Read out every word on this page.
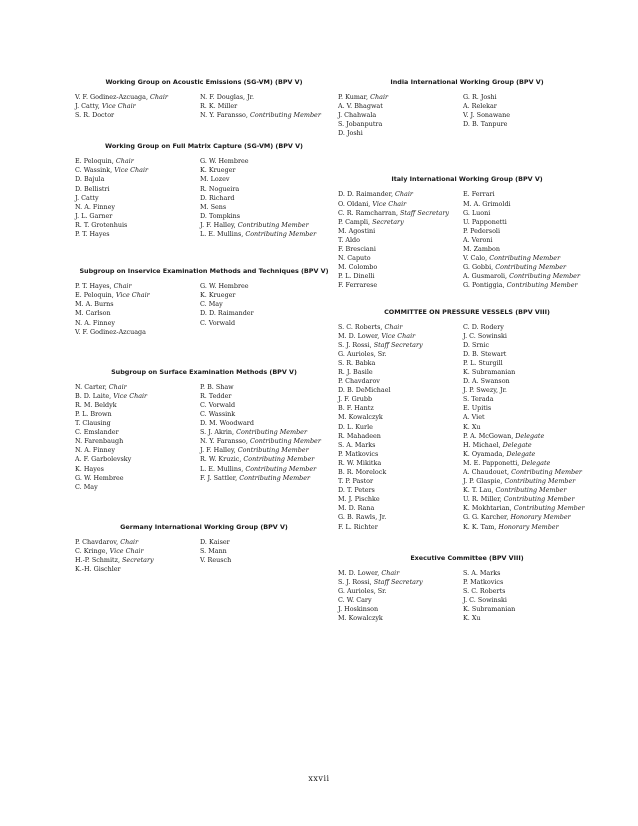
Working Group on Acoustic Emissions (SG-VM) (BPV V)
V. F. Godinez-Azcuaga, Chair
J. Catty, Vice Chair
S. R. Doctor
N. F. Douglas, Jr.
R. K. Miller
N. Y. Faransso, Contributing Member
Working Group on Full Matrix Capture (SG-VM) (BPV V)
E. Peloquin, Chair
C. Wassink, Vice Chair
D. Bajula
D. Bellistri
J. Catty
N. A. Finney
J. L. Garner
R. T. Grotenhuis
P. T. Hayes
G. W. Hembree
K. Krueger
M. Lozev
R. Nogueira
D. Richard
M. Sens
D. Tompkins
J. F. Halley, Contributing Member
L. E. Mullins, Contributing Member
Subgroup on Inservice Examination Methods and Techniques (BPV V)
P. T. Hayes, Chair
E. Peloquin, Vice Chair
M. A. Burns
M. Carlson
N. A. Finney
V. F. Godinez-Azcuaga
G. W. Hembree
K. Krueger
C. May
D. D. Raimander
C. Vorwald
Subgroup on Surface Examination Methods (BPV V)
N. Carter, Chair
B. D. Laite, Vice Chair
R. M. Beldyk
P. L. Brown
T. Clausing
C. Emslander
N. Farenbaugh
N. A. Finney
A. F. Garbolevsky
K. Hayes
G. W. Hembree
C. May
P. B. Shaw
R. Tedder
C. Vorwald
C. Wassink
D. M. Woodward
S. J. Akrin, Contributing Member
N. Y. Faransso, Contributing Member
J. F. Halley, Contributing Member
R. W. Kruzic, Contributing Member
L. E. Mullins, Contributing Member
F. J. Sattler, Contributing Member
Germany International Working Group (BPV V)
P. Chavdarov, Chair
C. Kringe, Vice Chair
H.-P. Schmitz, Secretary
K.-H. Gischler
D. Kaiser
S. Mann
V. Reusch
India International Working Group (BPV V)
P. Kumar, Chair
A. V. Bhagwat
J. Chahwala
S. Jobanputra
D. Joshi
G. R. Joshi
A. Relekar
V. J. Sonawane
D. B. Tanpure
Italy International Working Group (BPV V)
D. D. Raimander, Chair
O. Oldani, Vice Chair
C. R. Ramcharran, Staff Secretary
P. Campli, Secretary
M. Agostini
T. Aldo
F. Bresciani
N. Caputo
M. Colombo
P. L. Dinelli
F. Ferrarese
E. Ferrari
M. A. Grimoldi
G. Luoni
U. Papponetti
P. Pedersoli
A. Veroni
M. Zambon
V. Calo, Contributing Member
G. Gobbi, Contributing Member
A. Gusmaroli, Contributing Member
G. Pontiggia, Contributing Member
COMMITTEE ON PRESSURE VESSELS (BPV VIII)
S. C. Roberts, Chair
M. D. Lower, Vice Chair
S. J. Rossi, Staff Secretary
G. Aurioles, Sr.
S. R. Babka
R. J. Basile
P. Chavdarov
D. B. DeMichael
J. F. Grubb
B. F. Hantz
M. Kowalczyk
D. L. Kurle
R. Mahadeen
S. A. Marks
P. Matkovics
R. W. Mikitka
B. R. Morelock
T. P. Pastor
D. T. Peters
M. J. Pischke
M. D. Rana
G. B. Rawls, Jr.
F. L. Richter
C. D. Rodery
J. C. Sowinski
D. Srnic
D. B. Stewart
P. L. Sturgill
K. Subramanian
D. A. Swanson
J. P. Swezy, Jr.
S. Terada
E. Upitis
A. Viet
K. Xu
P. A. McGowan, Delegate
H. Michael, Delegate
K. Oyamada, Delegate
M. E. Papponetti, Delegate
A. Chaudouet, Contributing Member
J. P. Glaspie, Contributing Member
K. T. Lau, Contributing Member
U. R. Miller, Contributing Member
K. Mokhtarian, Contributing Member
G. G. Karcher, Honorary Member
K. K. Tam, Honorary Member
Executive Committee (BPV VIII)
M. D. Lower, Chair
S. J. Rossi, Staff Secretary
G. Aurioles, Sr.
C. W. Cary
J. Hoskinson
M. Kowalczyk
S. A. Marks
P. Matkovics
S. C. Roberts
J. C. Sowinski
K. Subramanian
K. Xu
xxvii
